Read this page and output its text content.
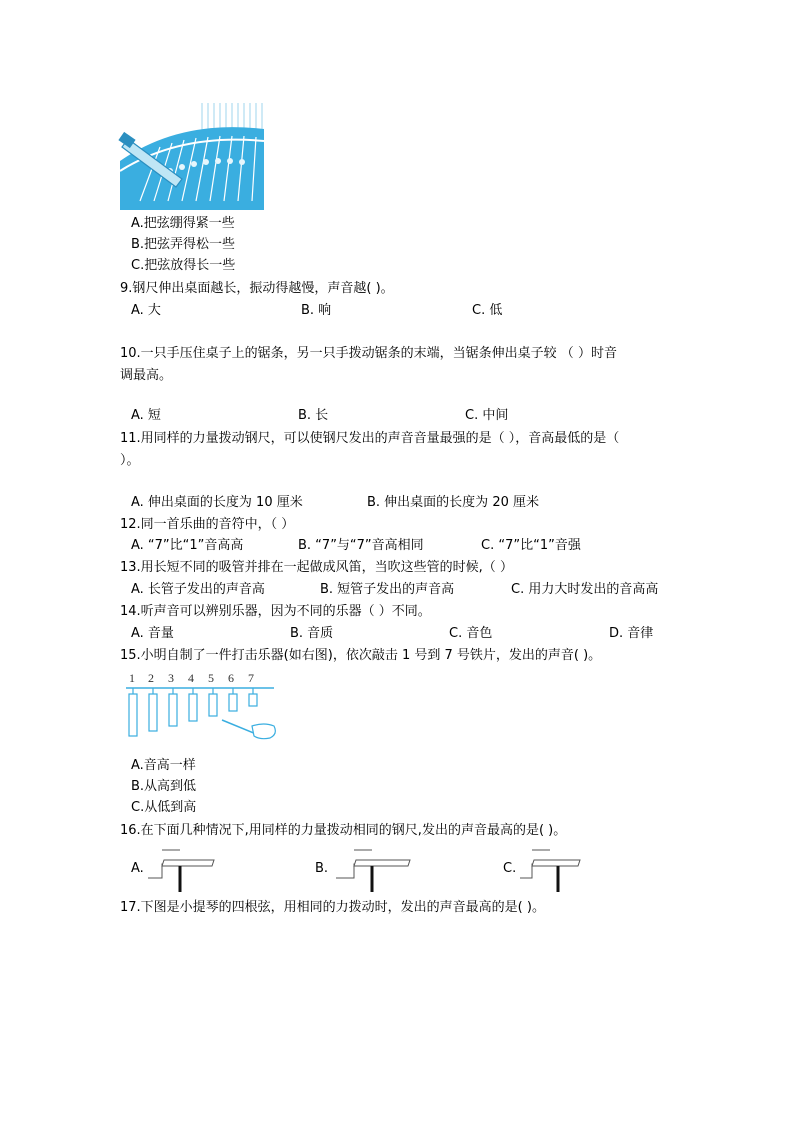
A.把弦绷得紧一些
B.把弦弄得松一些
C.把弦放得长一些
9.钢尺伸出桌面越长，振动得越慢，声音越( )。
A. 大	B. 响	C. 低
10.一只手压住桌子上的锯条，另一只手拨动锯条的末端，当锯条伸出桌子较 （ ）时音
调最高。
A. 短	B. 长	C. 中间
11.用同样的力量拨动钢尺，可以使钢尺发出的声音音量最强的是（ ），音高最低的是（
）。
A. 伸出桌面的长度为 10 厘米	B. 伸出桌面的长度为 20 厘米
12.同一首乐曲的音符中，（ ）
A. “7”比“1”音高高	B. “7”与“7”音高相同	C. “7”比“1”音强
13.用长短不同的吸管并排在一起做成风笛，当吹这些管的时候,（ ）
A. 长管子发出的声音高	B. 短管子发出的声音高	C. 用力大时发出的音高高
14.听声音可以辨别乐器，因为不同的乐器（ ）不同。
A. 音量	B. 音质	C. 音色	D. 音律
15.小明自制了一件打击乐器(如右图)，依次敲击 1 号到 7 号铁片，发出的声音( )。
1 2 3 4 5 6 7
A.音高一样
B.从高到低
C.从低到高
16.在下面几种情况下,用同样的力量拨动相同的钢尺,发出的声音最高的是( )。
A.	B.	C.
17.下图是小提琴的四根弦，用相同的力拨动时，发出的声音最高的是( )。
